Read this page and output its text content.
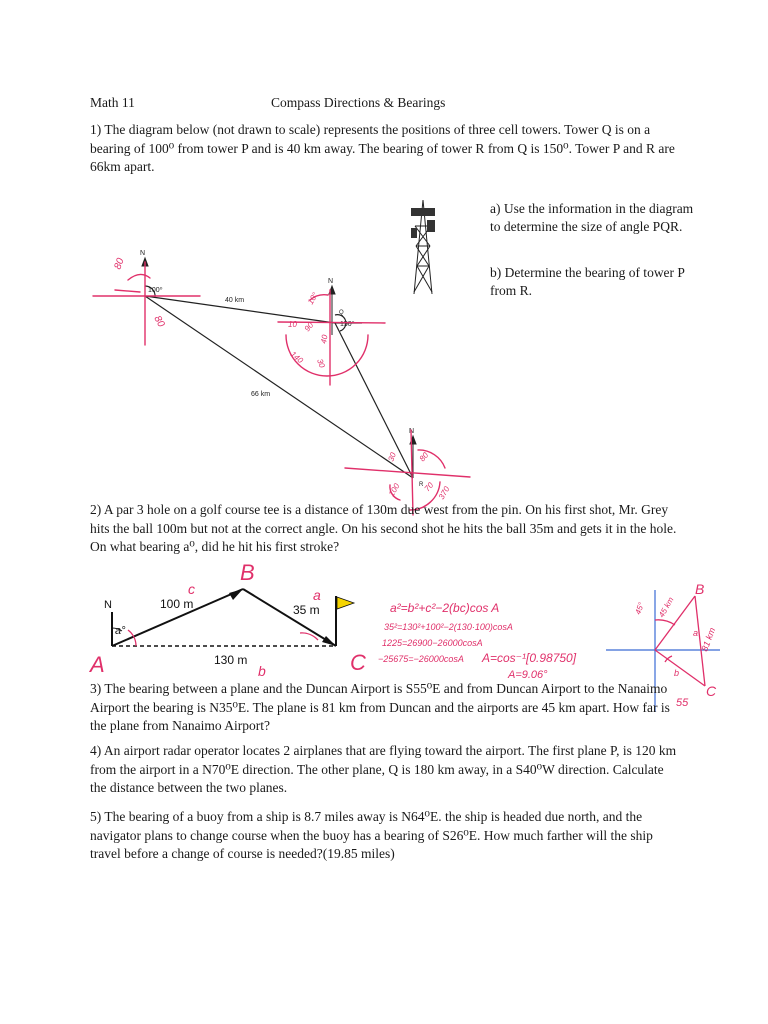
Math 11	Compass Directions & Bearings
1) The diagram below (not drawn to scale) represents the positions of three cell towers. Tower Q is on a bearing of 100⁰ from tower P and is 40 km away. The bearing of tower R from Q is 150⁰. Tower P and R are 66km apart.
a) Use the information in the diagram to determine the size of angle PQR.
b) Determine the bearing of tower P from R.
N
N
N
100⁰
150⁰
40 km
66 km
Q
R
80
80
10°
10 90
40
140 30
30 80
70
100	370
2) A par 3 hole on a golf course tee is a distance of 130m due west from the pin. On his first shot, Mr. Grey hits the ball 100m but not at the correct angle. On his second shot he hits the ball 35m and gets it in the hole. On what bearing a⁰, did he hit his first stroke?
N	100 m	35 m
130 m
a°
A
B
C
b
a
c
a²=b²+c²−2(bc)cos A
35²=130²+100²−2(130·100)cosA
1225=26900−26000cosA
−25675=−26000cosA A=cos⁻¹[0.98750]
A=9.06°
45° 45 km
B
81 km
55
C
b
a
3) The bearing between a plane and the Duncan Airport is S55⁰E and from Duncan Airport to the Nanaimo Airport the bearing is N35⁰E. The plane is 81 km from Duncan and the airports are 45 km apart. How far is the plane from Nanaimo Airport?
4) An airport radar operator locates 2 airplanes that are flying toward the airport. The first plane P, is 120 km from the airport in a N70⁰E direction. The other plane, Q is 180 km away, in a S40⁰W direction. Calculate the distance between the two planes.
5) The bearing of a buoy from a ship is 8.7 miles away is N64⁰E. the ship is headed due north, and the navigator plans to change course when the buoy has a bearing of S26⁰E. How much farther will the ship travel before a change of course is needed?(19.85 miles)
